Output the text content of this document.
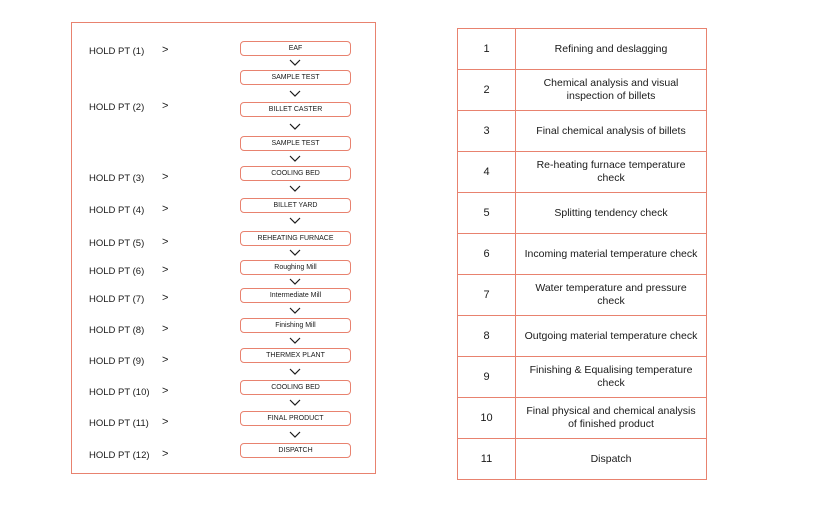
HOLD PT (1) >
HOLD PT (2) >
HOLD PT (3) >
HOLD PT (4) >
HOLD PT (5) >
HOLD PT (6) >
HOLD PT (7) >
HOLD PT (8) >
HOLD PT (9) >
HOLD PT (10) >
HOLD PT (11) >
HOLD PT (12) >
EAF
SAMPLE TEST
BILLET CASTER
SAMPLE TEST
COOLING BED
BILLET YARD
REHEATING FURNACE
Roughing Mill
Intermediate Mill
Finishing Mill
THERMEX PLANT
COOLING BED
FINAL PRODUCT
DISPATCH
1	Refining and deslagging
2	Chemical analysis and visual inspection of billets
3	Final chemical analysis of billets
4	Re-heating furnace temperature check
5	Splitting tendency check
6	Incoming material temperature check
7	Water temperature and pressure check
8	Outgoing material temperature check
9	Finishing & Equalising temperature check
10	Final physical and chemical analysis of finished product
11	Dispatch
